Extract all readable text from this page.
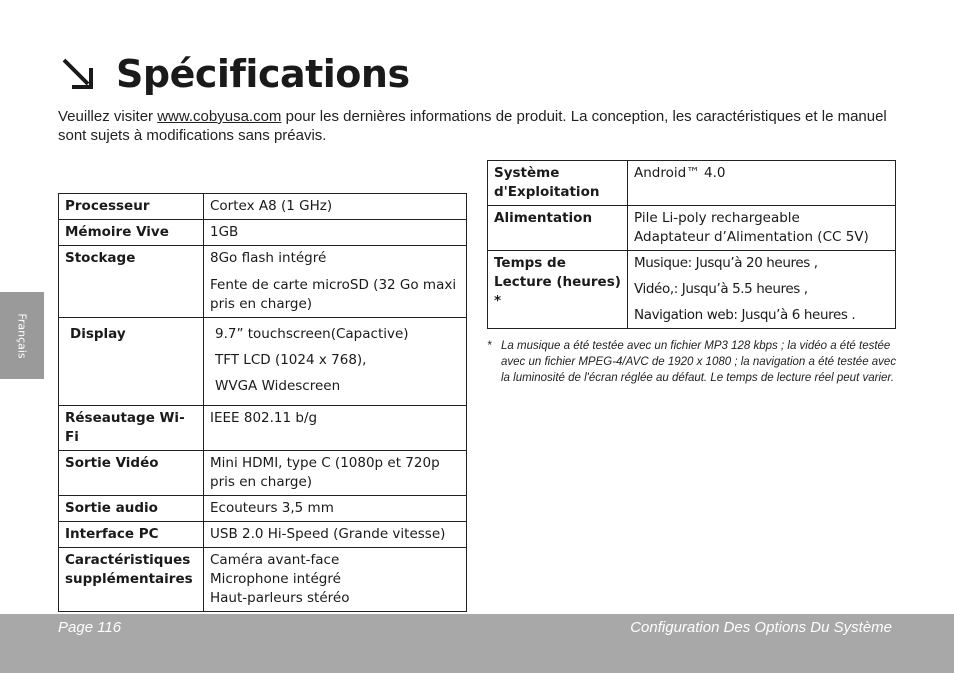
Spécifications
Veuillez visiter www.cobyusa.com pour les dernières informations de produit. La conception, les caractéristiques et le manuel sont sujets à modifications sans préavis.
Français
Processeur	Cortex A8 (1 GHz)

Mémoire Vive	1GB

Stockage	8Go flash intégré
Fente de carte microSD (32 Go maxi pris en charge)

Display	9.7” touchscreen(Capactive)
TFT LCD (1024 x 768),
WVGA Widescreen

Réseautage Wi-Fi	IEEE 802.11 b/g

Sortie Vidéo	Mini HDMI, type C (1080p et 720p pris en charge)

Sortie audio	Ecouteurs 3,5 mm

Interface PC	USB 2.0 Hi-Speed (Grande vitesse)

Caractéristiques supplémentaires	Caméra avant-face
Microphone intégré
Haut-parleurs stéréo
Système d'Exploitation	Android™ 4.0

Alimentation	Pile Li-poly rechargeable
Adaptateur d’Alimentation (CC 5V)

Temps de Lecture (heures) *	Musique: Jusqu’à 20 heures ,
Vidéo,: Jusqu’à 5.5 heures ,
Navigation web: Jusqu’à 6 heures .
* La musique a été testée avec un fichier MP3 128 kbps ; la vidéo a été testée avec un fichier MPEG-4/AVC de 1920 x 1080 ; la navigation a été testée avec la luminosité de l'écran réglée au défaut. Le temps de lecture réel peut varier.
Page 116	Configuration Des Options Du Système
